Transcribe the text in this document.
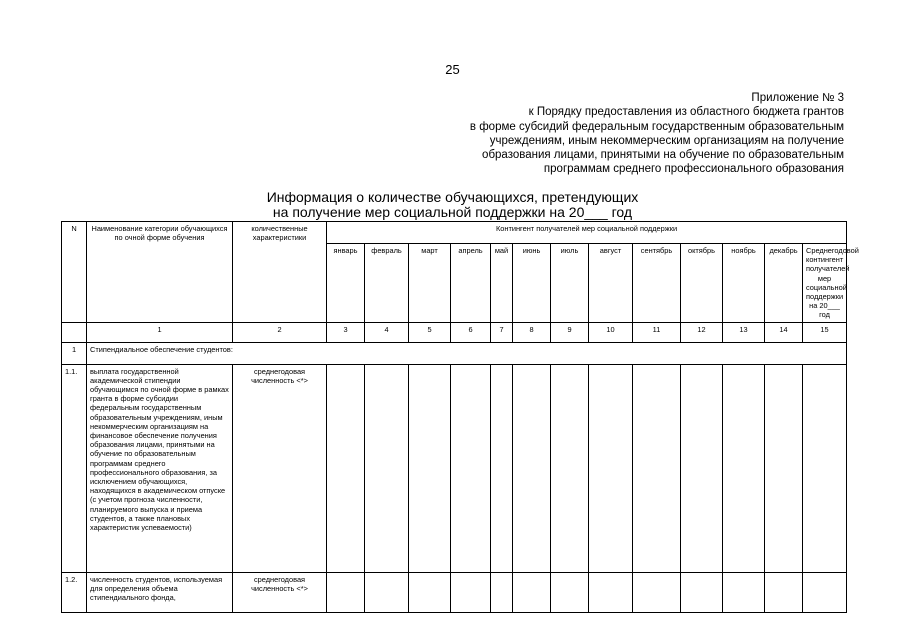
25
Приложение № 3
к Порядку предоставления из областного бюджета грантов
в форме субсидий федеральным государственным образовательным
учреждениям, иным некоммерческим организациям на получение
образования лицами, принятыми на обучение по образовательным
программам среднего профессионального образования
Информация о количестве обучающихся, претендующих
на получение мер социальной поддержки на 20___ год
N	Наименование категории обучающихся по очной форме обучения	количественные характеристики	Контингент получателей мер социальной поддержки												
			январь	февраль	март	апрель	май	июнь	июль	август	сентябрь	октябрь	ноябрь	декабрь	Среднегодовой контингент получателей мер социальной поддержки на 20___ год
	1	2	3	4	5	6	7	8	9	10	11	12	13	14	15
1	Стипендиальное обеспечение студентов:														
1.1.	выплата государственной академической стипендии обучающимся по очной форме в рамках гранта в форме субсидии федеральным государственным образовательным учреждениям, иным некоммерческим организациям на финансовое обеспечение получения образования лицами, принятыми на обучение по образовательным программам среднего профессионального образования, за исключением обучающихся, находящихся в академическом отпуске (с учетом прогноза численности, планируемого выпуска и приема студентов, а также плановых характеристик успеваемости)	среднегодовая численность <*>													
1.2.	численность студентов, используемая для определения объема стипендиального фонда,	среднегодовая численность <*>													
